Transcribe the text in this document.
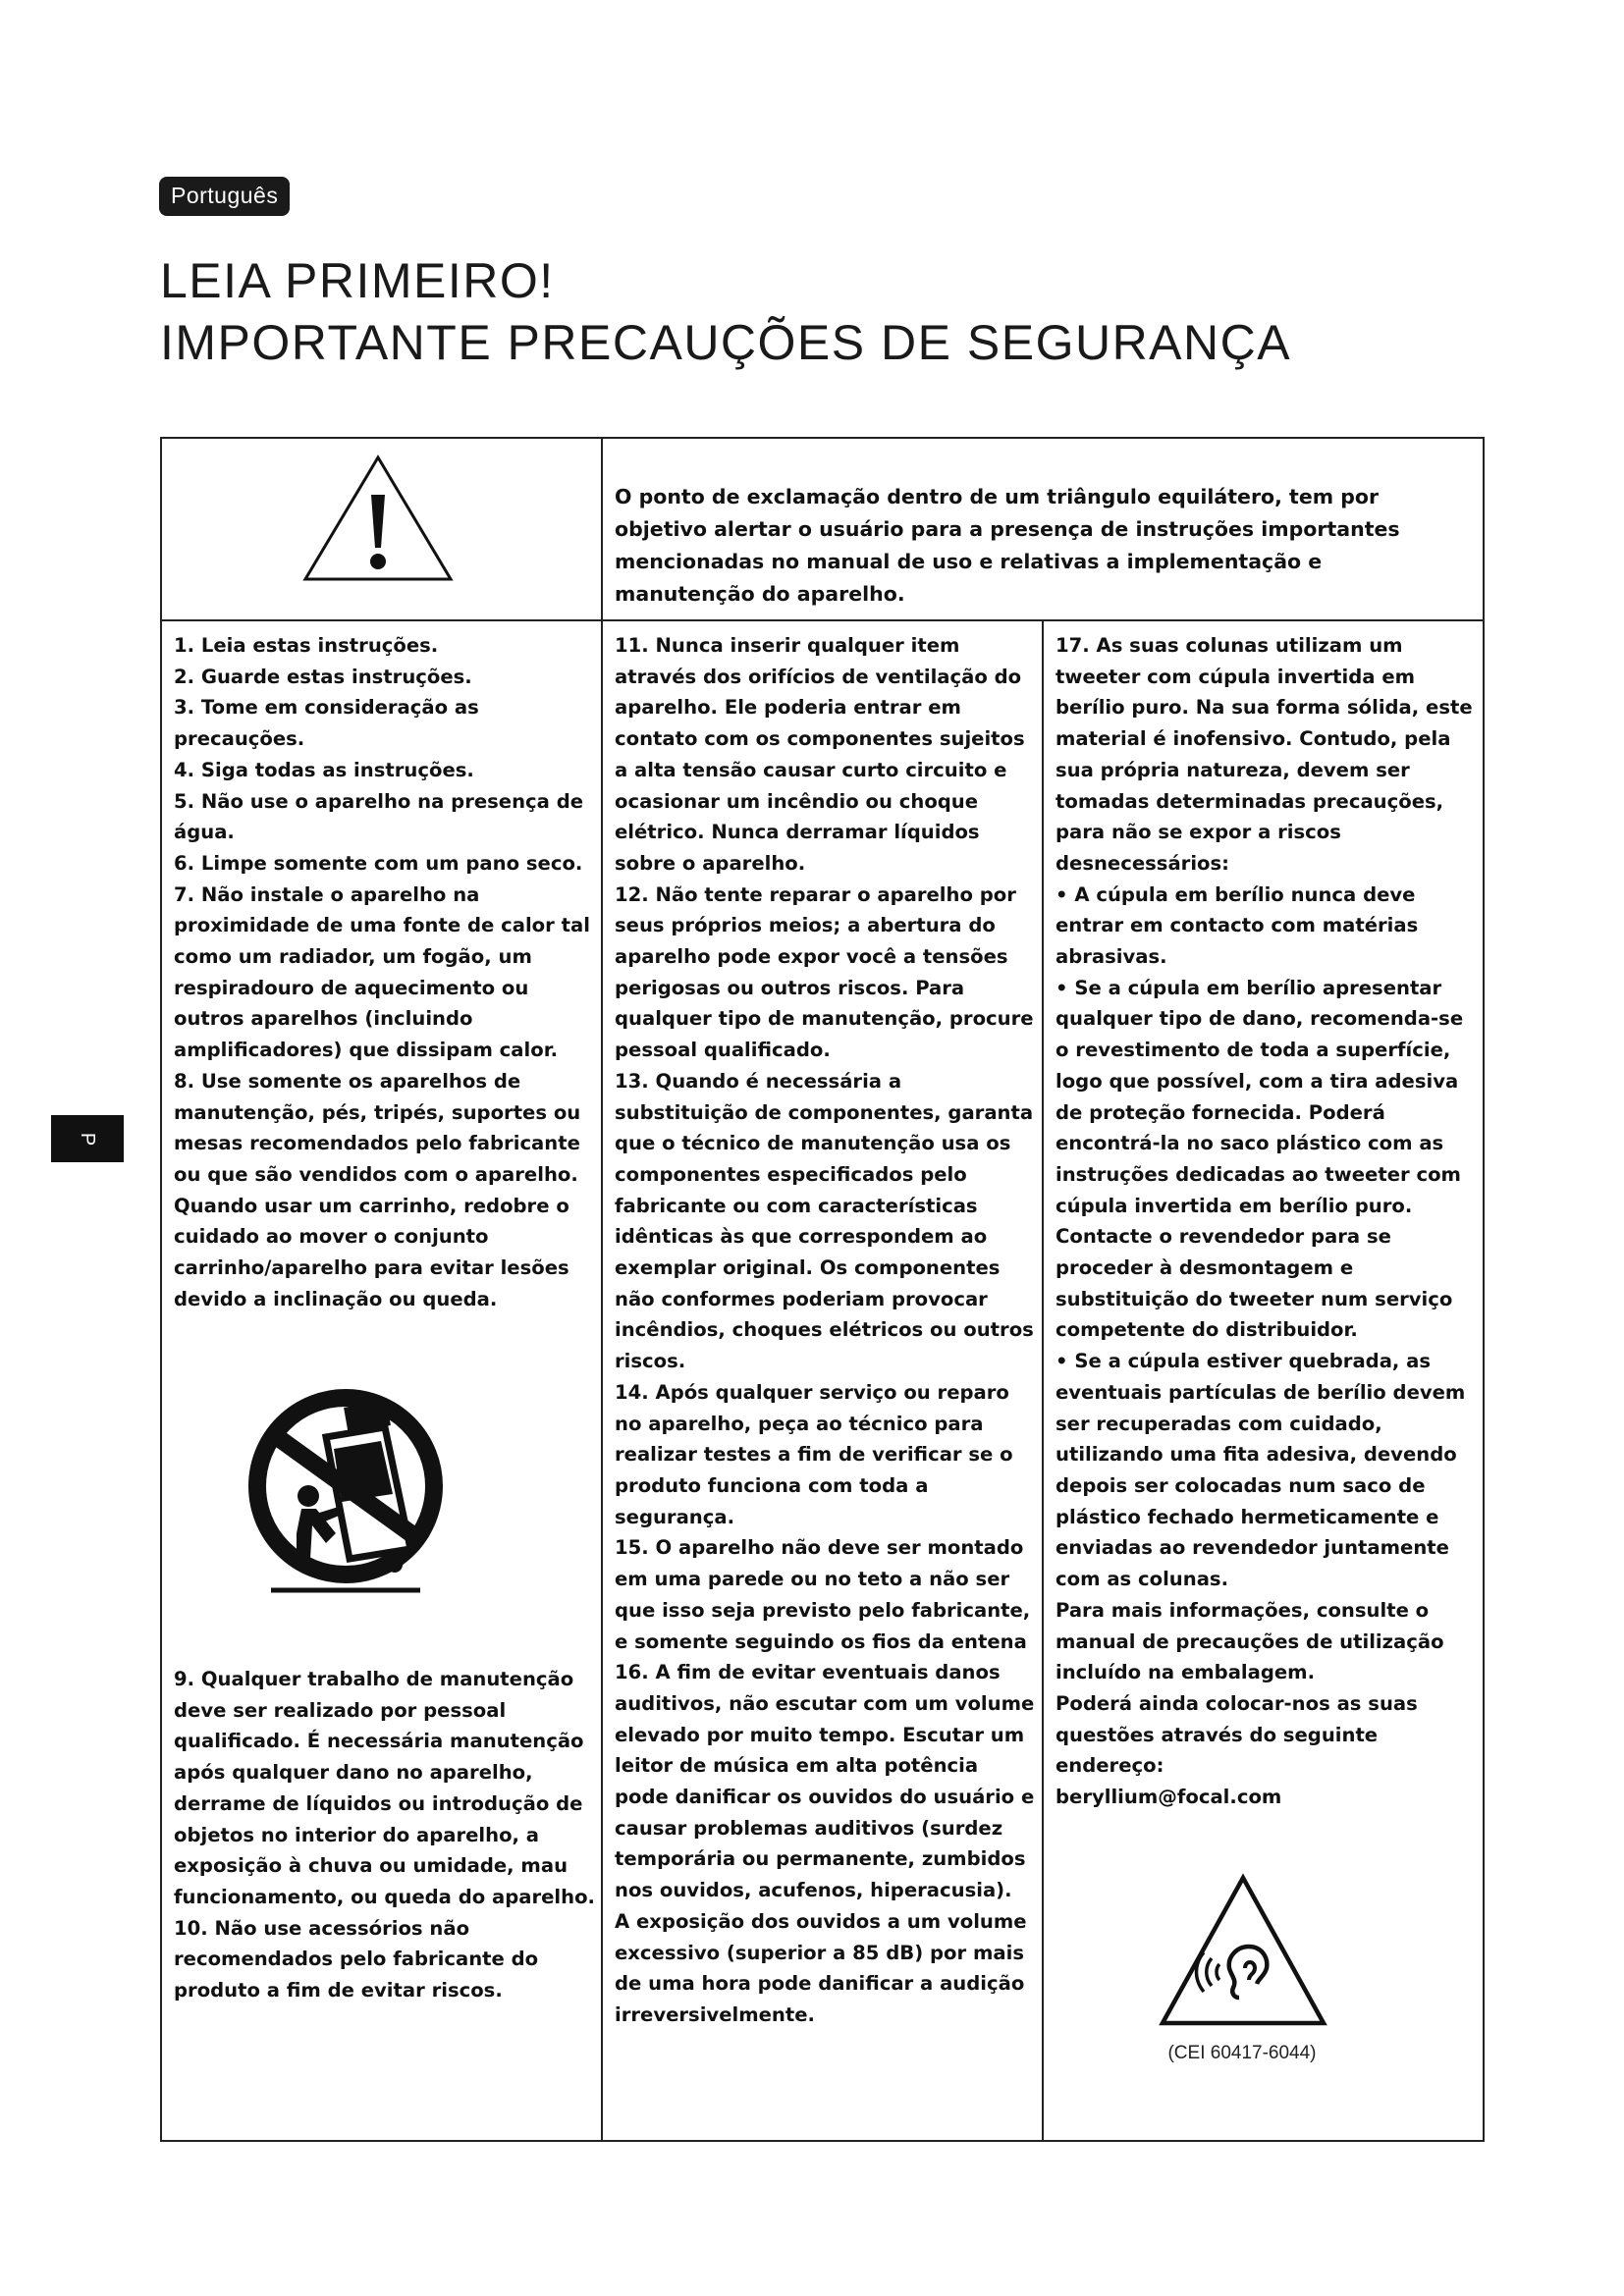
Português
LEIA PRIMEIRO!
IMPORTANTE PRECAUÇÕES DE SEGURANÇA

O ponto de exclamação dentro de um triângulo equilátero, tem por objetivo alertar o usuário para a presença de instruções importantes mencionadas no manual de uso e relativas a implementação e manutenção do aparelho.

1. Leia estas instruções.

2. Guarde estas instruções.

3. Tome em consideração as precauções.

4. Siga todas as instruções.

5. Não use o aparelho na presença de água.

6. Limpe somente com um pano seco.

7. Não instale o aparelho na proximidade de uma fonte de calor tal como um radiador, um fogão, um respiradouro de aquecimento ou outros aparelhos (incluindo amplificadores) que dissipam calor.

8. Use somente os aparelhos de manutenção, pés, tripés, suportes ou mesas recomendados pelo fabricante ou que são vendidos com o aparelho. Quando usar um carrinho, redobre o cuidado ao mover o conjunto carrinho/aparelho para evitar lesões devido a inclinação ou queda.

9. Qualquer trabalho de manutenção deve ser realizado por pessoal qualificado. É necessária manutenção após qualquer dano no aparelho, derrame de líquidos ou introdução de objetos no interior do aparelho, a exposição à chuva ou umidade, mau funcionamento, ou queda do aparelho.

10. Não use acessórios não recomendados pelo fabricante do produto a fim de evitar riscos.

11. Nunca inserir qualquer item através dos orifícios de ventilação do aparelho. Ele poderia entrar em contato com os componentes sujeitos a alta tensão causar curto circuito e ocasionar um incêndio ou choque elétrico. Nunca derramar líquidos sobre o aparelho.

12. Não tente reparar o aparelho por seus próprios meios; a abertura do aparelho pode expor você a tensões perigosas ou outros riscos. Para qualquer tipo de manutenção, procure pessoal qualificado.

13. Quando é necessária a substituição de componentes, garanta que o técnico de manutenção usa os componentes especificados pelo fabricante ou com características idênticas às que correspondem ao exemplar original. Os componentes não conformes poderiam provocar incêndios, choques elétricos ou outros riscos.

14. Após qualquer serviço ou reparo no aparelho, peça ao técnico para realizar testes a fim de verificar se o produto funciona com toda a segurança.

15. O aparelho não deve ser montado em uma parede ou no teto a não ser que isso seja previsto pelo fabricante, e somente seguindo os fios da entena

16. A fim de evitar eventuais danos auditivos, não escutar com um volume elevado por muito tempo. Escutar um leitor de música em alta potência pode danificar os ouvidos do usuário e causar problemas auditivos (surdez temporária ou permanente, zumbidos nos ouvidos, acufenos, hiperacusia).

A exposição dos ouvidos a um volume excessivo (superior a 85 dB) por mais de uma hora pode danificar a audição irreversivelmente.

17. As suas colunas utilizam um tweeter com cúpula invertida em berílio puro. Na sua forma sólida, este material é inofensivo. Contudo, pela sua própria natureza, devem ser tomadas determinadas precauções, para não se expor a riscos desnecessários:

• A cúpula em berílio nunca deve entrar em contacto com matérias abrasivas.

• Se a cúpula em berílio apresentar qualquer tipo de dano, recomenda-se o revestimento de toda a superfície, logo que possível, com a tira adesiva de proteção fornecida. Poderá encontrá-la no saco plástico com as instruções dedicadas ao tweeter com cúpula invertida em berílio puro. Contacte o revendedor para se proceder à desmontagem e substituição do tweeter num serviço competente do distribuidor.

• Se a cúpula estiver quebrada, as eventuais partículas de berílio devem ser recuperadas com cuidado, utilizando uma fita adesiva, devendo depois ser colocadas num saco de plástico fechado hermeticamente e enviadas ao revendedor juntamente com as colunas.

Para mais informações, consulte o manual de precauções de utilização incluído na embalagem.

Poderá ainda colocar-nos as suas questões através do seguinte endereço:

beryllium@focal.com

(CEI 60417-6044)
P
